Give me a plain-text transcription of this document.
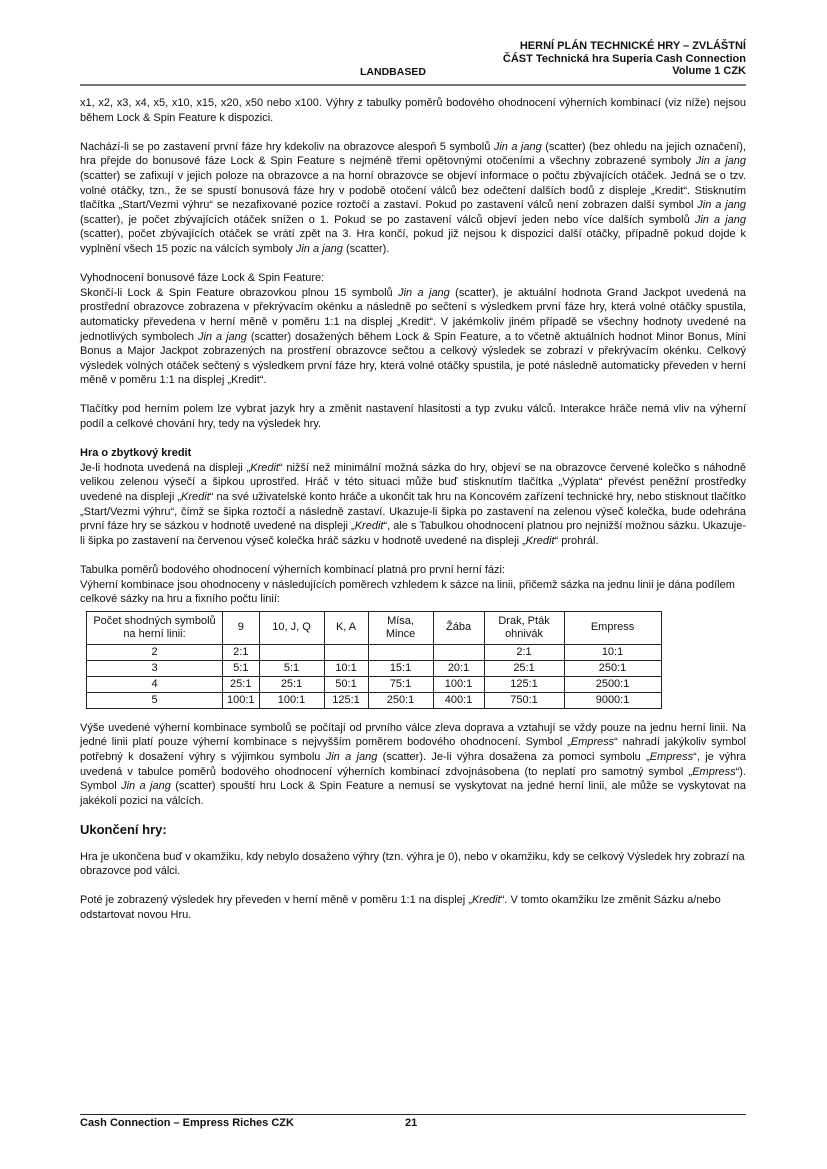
LANDBASED
HERNÍ PLÁN TECHNICKÉ HRY – ZVLÁŠTNÍ
ČÁST Technická hra Superia Cash Connection
Volume 1 CZK

x1, x2, x3, x4, x5, x10, x15, x20, x50 nebo x100. Výhry z tabulky poměrů bodového ohodnocení výherních kombinací (viz níže) nejsou během Lock & Spin Feature k dispozici.

Nachází-li se po zastavení první fáze hry kdekoliv na obrazovce alespoň 5 symbolů Jin a jang (scatter) (bez ohledu na jejich označení), hra přejde do bonusové fáze Lock & Spin Feature s nejméně třemi opětovnými otočeními a všechny zobrazené symboly Jin a jang (scatter) se zafixují v jejich poloze na obrazovce a na horní obrazovce se objeví informace o počtu zbývajících otáček. Jedná se o tzv. volné otáčky, tzn., že se spustí bonusová fáze hry v podobě otočení válců bez odečtení dalších bodů z displeje „Kredit“. Stisknutím tlačítka „Start/Vezmi výhru“ se nezafixované pozice roztočí a zastaví. Pokud po zastavení válců není zobrazen další symbol Jin a jang (scatter), je počet zbývajících otáček snížen o 1. Pokud se po zastavení válců objeví jeden nebo více dalších symbolů Jin a jang (scatter), počet zbývajících otáček se vrátí zpět na 3. Hra končí, pokud již nejsou k dispozici další otáčky, případně pokud dojde k vyplnění všech 15 pozic na válcích symboly Jin a jang (scatter).

Vyhodnocení bonusové fáze Lock & Spin Feature:
Skončí-li Lock & Spin Feature obrazovkou plnou 15 symbolů Jin a jang (scatter), je aktuální hodnota Grand Jackpot uvedená na prostřední obrazovce zobrazena v překrývacím okénku a následně po sečtení s výsledkem první fáze hry, která volné otáčky spustila, automaticky převedena v herní měně v poměru 1:1 na displej „Kredit“. V jakémkoliv jiném případě se všechny hodnoty uvedené na jednotlivých symbolech Jin a jang (scatter) dosažených během Lock & Spin Feature, a to včetně aktuálních hodnot Minor Bonus, Mini Bonus a Major Jackpot zobrazených na prostření obrazovce sečtou a celkový výsledek se zobrazí v překrývacím okénku. Celkový výsledek volných otáček sečtený s výsledkem první fáze hry, která volné otáčky spustila, je poté následně automaticky převeden v herní měně v poměru 1:1 na displej „Kredit“.

Tlačítky pod herním polem lze vybrat jazyk hry a změnit nastavení hlasitosti a typ zvuku válců. Interakce hráče nemá vliv na výherní podíl a celkové chování hry, tedy na výsledek hry.

Hra o zbytkový kredit

Je-li hodnota uvedená na displeji „Kredit“ nižší než minimální možná sázka do hry, objeví se na obrazovce červené kolečko s náhodně velikou zelenou výsečí a šipkou uprostřed. Hráč v této situaci může buď stisknutím tlačítka „Výplata“ převést peněžní prostředky uvedené na displeji „Kredit“ na své uživatelské konto hráče a ukončit tak hru na Koncovém zařízení technické hry, nebo stisknout tlačítko „Start/Vezmi výhru“, čímž se šipka roztočí a následně zastaví. Ukazuje-li šipka po zastavení na zelenou výseč kolečka, bude odehrána první fáze hry se sázkou v hodnotě uvedené na displeji „Kredit“, ale s Tabulkou ohodnocení platnou pro nejnižší možnou sázku. Ukazuje-li šipka po zastavení na červenou výseč kolečka hráč sázku v hodnotě uvedené na displeji „Kredit“ prohrál.

Tabulka poměrů bodového ohodnocení výherních kombinací platná pro první herní fázi:
Výherní kombinace jsou ohodnoceny v následujících poměrech vzhledem k sázce na linii, přičemž sázka na jednu linii je dána podílem celkové sázky na hru a fixního počtu linií:

Počet shodných symbolů na herní linii:	9	10, J, Q	K, A	Mísa, Mince	Žába	Drak, Pták ohnivák	Empress
2	2:1					2:1	10:1
3	5:1	5:1	10:1	15:1	20:1	25:1	250:1
4	25:1	25:1	50:1	75:1	100:1	125:1	2500:1
5	100:1	100:1	125:1	250:1	400:1	750:1	9000:1

Výše uvedené výherní kombinace symbolů se počítají od prvního válce zleva doprava a vztahují se vždy pouze na jednu herní linii. Na jedné linii platí pouze výherní kombinace s nejvyšším poměrem bodového ohodnocení. Symbol „Empress“ nahradí jakýkoliv symbol potřebný k dosažení výhry s výjimkou symbolu Jin a jang (scatter). Je-li výhra dosažena za pomoci symbolu „Empress“, je výhra uvedená v tabulce poměrů bodového ohodnocení výherních kombinací zdvojnásobena (to neplatí pro samotný symbol „Empress“). Symbol Jin a jang (scatter) spouští hru Lock & Spin Feature a nemusí se vyskytovat na jedné herní linii, ale může se vyskytovat na jakékoli pozici na válcích.

Ukončení hry:

Hra je ukončena buď v okamžiku, kdy nebylo dosaženo výhry (tzn. výhra je 0), nebo v okamžiku, kdy se celkový Výsledek hry zobrazí na obrazovce pod válci.

Poté je zobrazený výsledek hry převeden v herní měně v poměru 1:1 na displej „Kredit“. V tomto okamžiku lze změnit Sázku a/nebo odstartovat novou Hru.

Cash Connection – Empress Riches CZK	21
